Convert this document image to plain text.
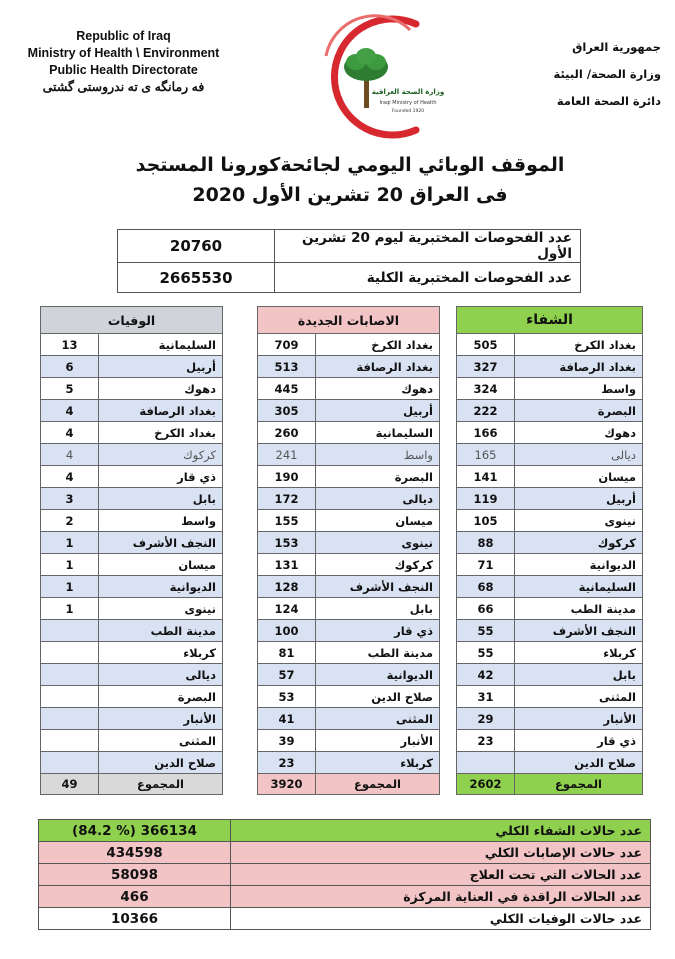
Republic of Iraq
Ministry of Health \ Environment
Public Health Directorate
فه رمانگه ى ته ندروستى گشتى	وزارة الصحة العراقية
Iraqi Ministry of Health
Founded 1920
جمهورية العراق
وزارة الصحة/ البيئة
دائرة الصحة العامة
الموقف الوبائي اليومي لجائحةكورونا المستجد
فى العراق 20 تشرين الأول 2020
20760	عدد الفحوصات المختبرية ليوم 20 تشرين الأول
2665530	عدد الفحوصات المختبرية الكلية
الوفيات	
13	السليمانية
6	أربيل
5	دهوك
4	بغداد الرصافة
4	بغداد الكرخ
4	كركوك
4	ذي قار
3	بابل
2	واسط
1	النجف الأشرف
1	ميسان
1	الديوانية
1	نينوى
	مدينة الطب
	كربلاء
	ديالى
	البصرة
	الأنبار
	المثنى
	صلاح الدين
49	المجموع
الاصابات الجديدة	
709	بغداد الكرخ
513	بغداد الرصافة
445	دهوك
305	أربيل
260	السليمانية
241	واسط
190	البصرة
172	ديالى
155	ميسان
153	نينوى
131	كركوك
128	النجف الأشرف
124	بابل
100	ذي قار
81	مدينة الطب
57	الديوانية
53	صلاح الدين
41	المثنى
39	الأنبار
23	كربلاء
3920	المجموع
الشفاء	
505	بغداد الكرخ
327	بغداد الرصافة
324	واسط
222	البصرة
166	دهوك
165	ديالى
141	ميسان
119	أربيل
105	نينوى
88	كركوك
71	الديوانية
68	السليمانية
66	مدينة الطب
55	النجف الأشرف
55	كربلاء
42	بابل
31	المثنى
29	الأنبار
23	ذي قار
	صلاح الدين
2602	المجموع
(84.2 %) 366134	عدد حالات الشفاء الكلي
434598	عدد حالات الإصابات الكلي
58098	عدد الحالات التي تحت العلاج
466	عدد الحالات الراقدة في العناية المركزة
10366	عدد حالات الوفيات الكلي
